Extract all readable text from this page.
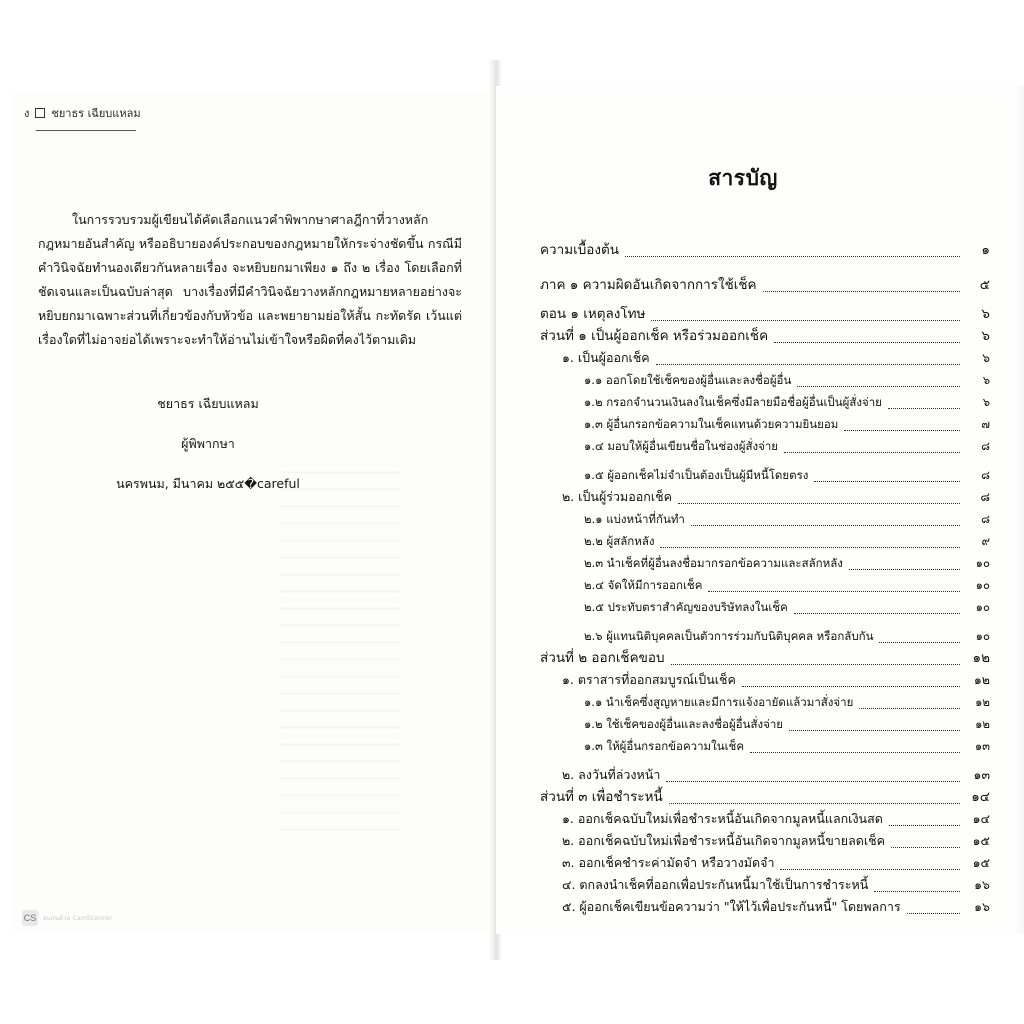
ง ชยาธร เฉียบแหลม

ในการรวบรวมผู้เขียนได้คัดเลือกแนวคำพิพากษาศาลฎีกาที่วางหลักกฎหมายอันสำคัญ หรืออธิบายองค์ประกอบของกฎหมายให้กระจ่างชัดขึ้น กรณีมีคำวินิจฉัยทำนองเดียวกันหลายเรื่อง จะหยิบยกมาเพียง ๑ ถึง ๒ เรื่อง โดยเลือกที่ชัดเจนและเป็นฉบับล่าสุด บางเรื่องที่มีคำวินิจฉัยวางหลักกฎหมายหลายอย่างจะหยิบยกมาเฉพาะส่วนที่เกี่ยวข้องกับหัวข้อ และพยายามย่อให้สั้น กะทัดรัด เว้นแต่เรื่องใดที่ไม่อาจย่อได้เพราะจะทำให้อ่านไม่เข้าใจหรือผิดที่คงไว้ตามเดิม

ชยาธร เฉียบแหลม
ผู้พิพากษา
นครพนม, มีนาคม ๒๕๕�careful
CS สแกนด้วย CamScanner
สารบัญ
ความเบื้องต้น	๑
ภาค ๑ ความผิดอันเกิดจากการใช้เช็ค	๕
ตอน ๑ เหตุลงโทษ	๖
ส่วนที่ ๑ เป็นผู้ออกเช็ค หรือร่วมออกเช็ค	๖
๑. เป็นผู้ออกเช็ค	๖
๑.๑ ออกโดยใช้เช็คของผู้อื่นและลงชื่อผู้อื่น	๖
๑.๒ กรอกจำนวนเงินลงในเช็คซึ่งมีลายมือชื่อผู้อื่นเป็นผู้สั่งจ่าย	๖
๑.๓ ผู้อื่นกรอกข้อความในเช็คแทนด้วยความยินยอม	๗
๑.๔ มอบให้ผู้อื่นเขียนชื่อในช่องผู้สั่งจ่าย	๘
๑.๕ ผู้ออกเช็คไม่จำเป็นต้องเป็นผู้มีหนี้โดยตรง	๘
๒. เป็นผู้ร่วมออกเช็ค	๘
๒.๑ แบ่งหน้าที่กันทำ	๘
๒.๒ ผู้สลักหลัง	๙
๒.๓ นำเช็คที่ผู้อื่นลงชื่อมากรอกข้อความและสลักหลัง	๑๐
๒.๔ จัดให้มีการออกเช็ค	๑๐
๒.๕ ประทับตราสำคัญของบริษัทลงในเช็ค	๑๐
๒.๖ ผู้แทนนิติบุคคลเป็นตัวการร่วมกับนิติบุคคล หรือกลับกัน	๑๐
ส่วนที่ ๒ ออกเช็คขอบ	๑๒
๑. ตราสารที่ออกสมบูรณ์เป็นเช็ค	๑๒
๑.๑ นำเช็คซึ่งสูญหายและมีการแจ้งอายัดแล้วมาสั่งจ่าย	๑๒
๑.๒ ใช้เช็คของผู้อื่นและลงชื่อผู้อื่นสั่งจ่าย	๑๒
๑.๓ ให้ผู้อื่นกรอกข้อความในเช็ค	๑๓
๒. ลงวันที่ล่วงหน้า	๑๓
ส่วนที่ ๓ เพื่อชำระหนี้	๑๔
๑. ออกเช็คฉบับใหม่เพื่อชำระหนี้อันเกิดจากมูลหนี้แลกเงินสด	๑๔
๒. ออกเช็คฉบับใหม่เพื่อชำระหนี้อันเกิดจากมูลหนี้ขายลดเช็ค	๑๕
๓. ออกเช็คชำระค่ามัดจำ หรือวางมัดจำ	๑๕
๔. ตกลงนำเช็คที่ออกเพื่อประกันหนี้มาใช้เป็นการชำระหนี้	๑๖
๕. ผู้ออกเช็คเขียนข้อความว่า "ให้ไว้เพื่อประกันหนี้" โดยพลการ	๑๖
